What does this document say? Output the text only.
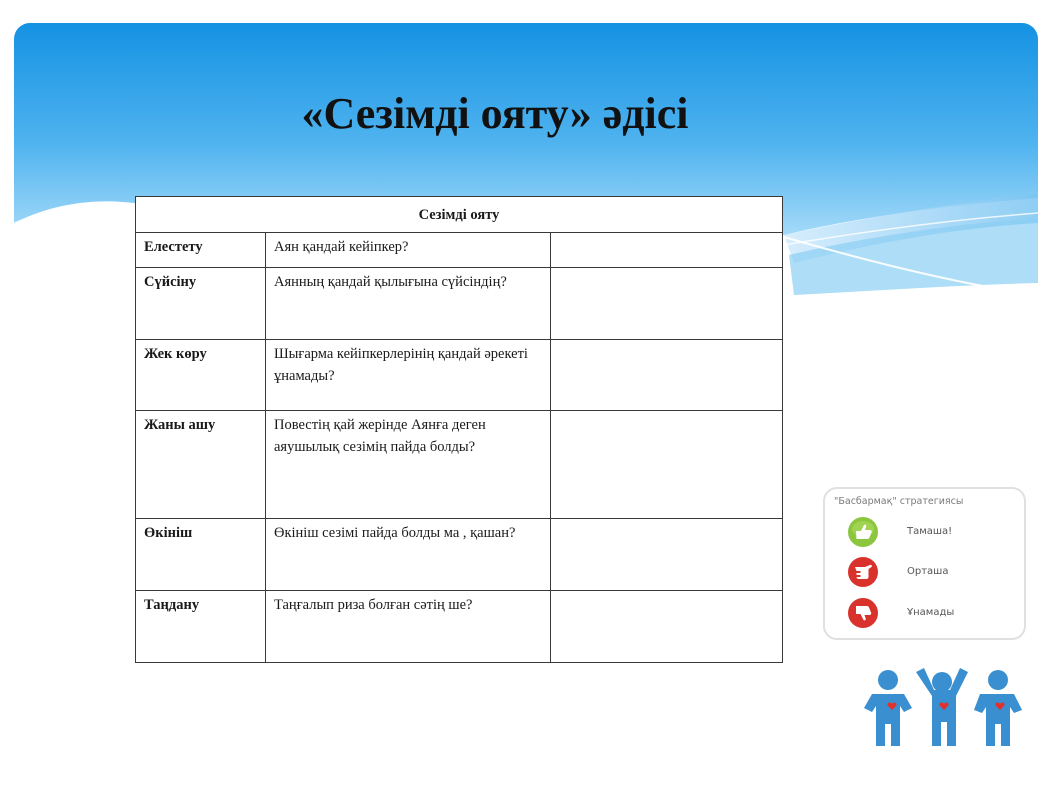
«Сезімді ояту» әдісі
Сезімді ояту		
Елестету	Аян қандай кейіпкер?	
Сүйсіну	Аянның қандай қылығына сүйсіндің?	
Жек көру	Шығарма кейіпкерлерінің қандай әрекеті ұнамады?	
Жаны ашу	Повестің қай жерінде Аянға деген аяушылық сезімің пайда болды?	
Өкініш	Өкініш сезімі пайда болды ма , қашан?	
Таңдану	Таңғалып риза болған сәтің ше?	
"Басбармақ" стратегиясы
Тамаша!
Орташа
Ұнамады
